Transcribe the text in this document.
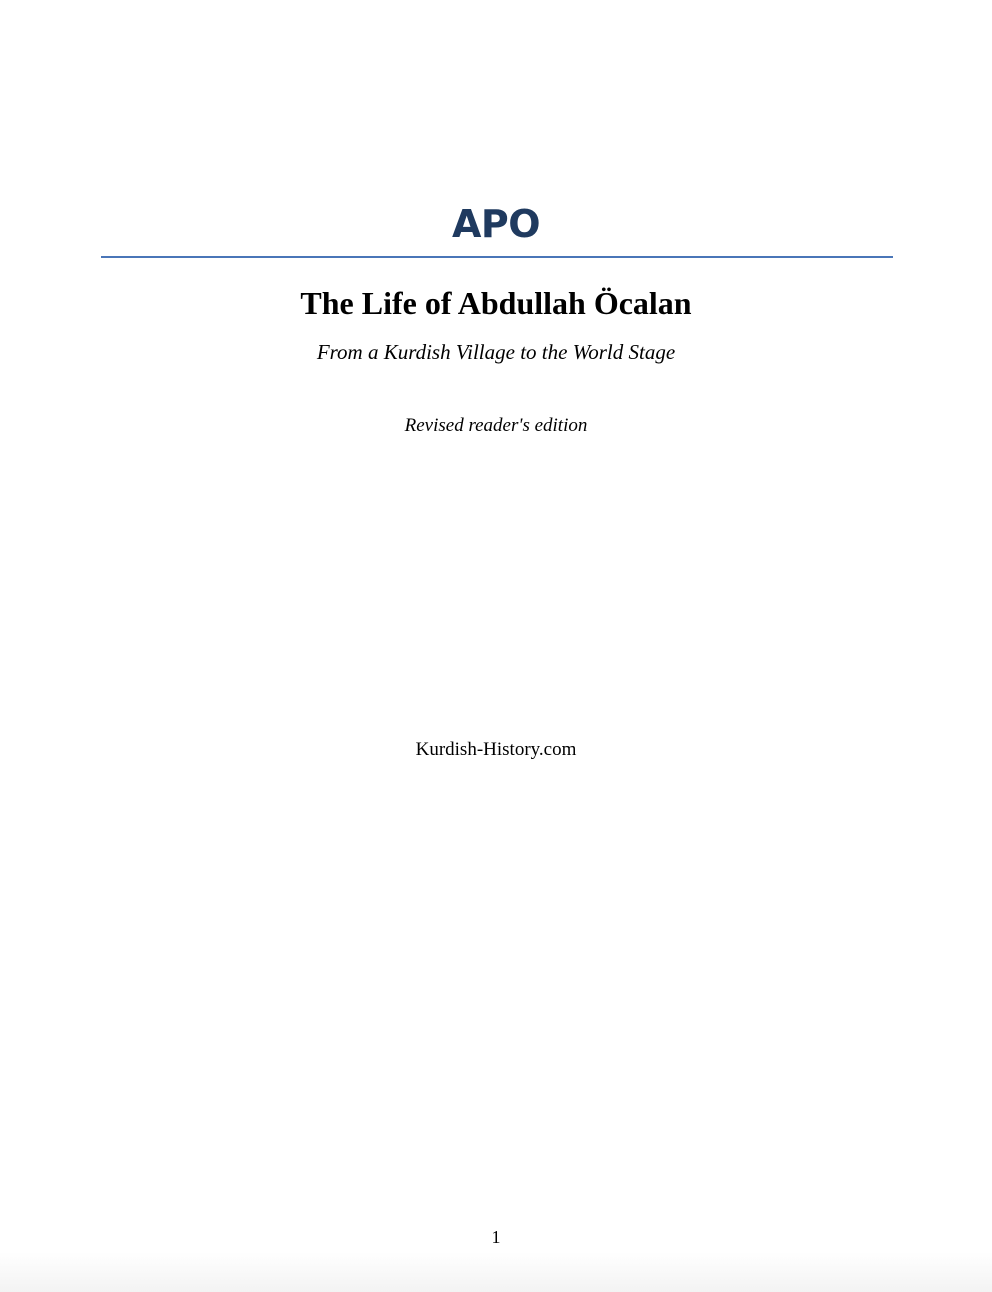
APO
The Life of Abdullah Öcalan
From a Kurdish Village to the World Stage
Revised reader's edition
Kurdish-History.com
1
